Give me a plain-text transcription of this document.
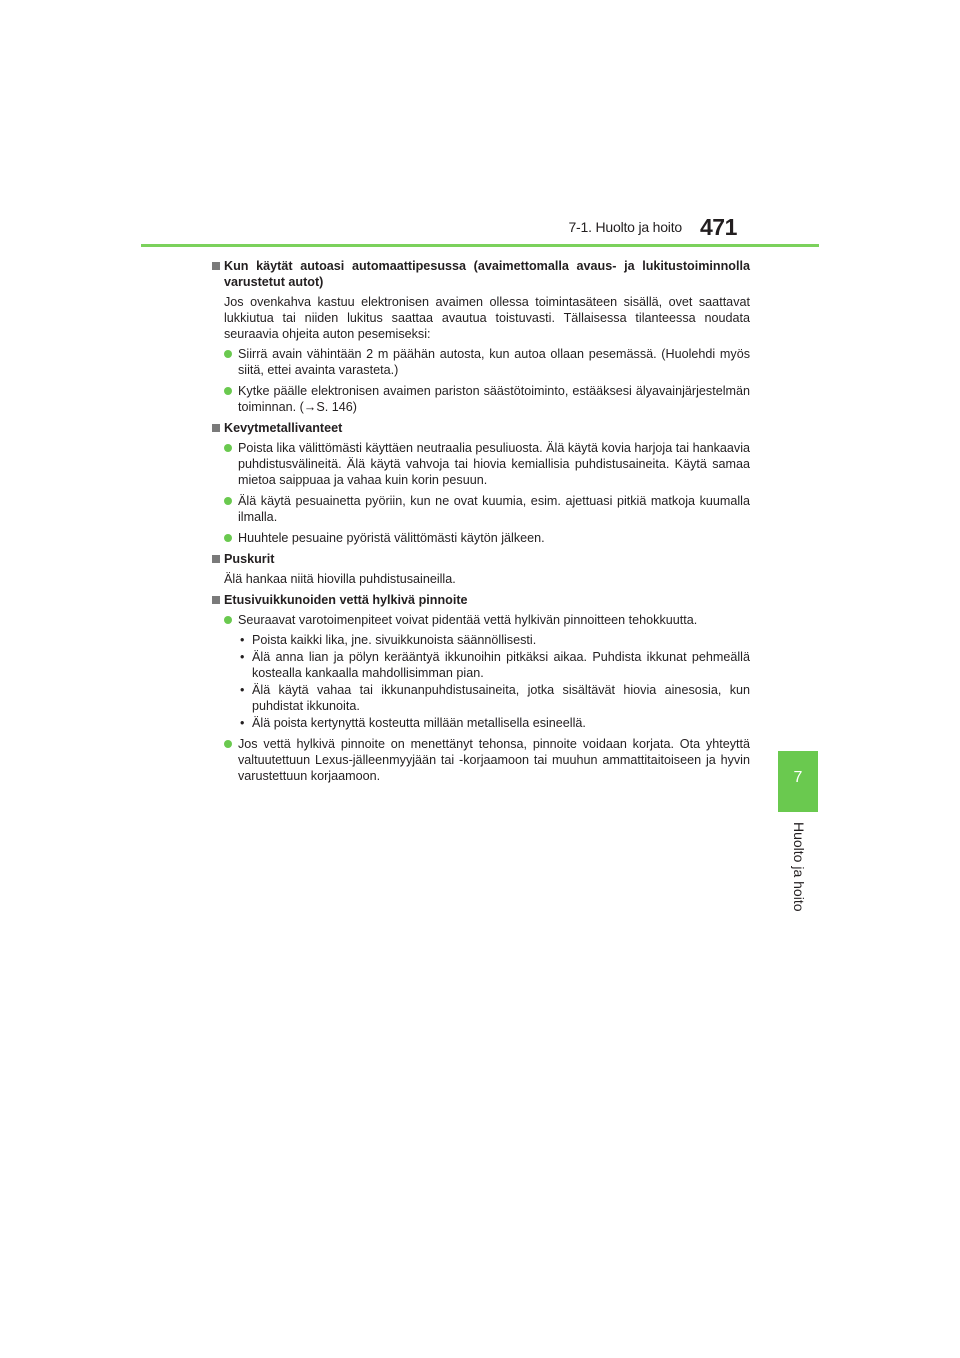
7-1. Huolto ja hoito 471
7
Huolto ja hoito
Kun käytät autoasi automaattipesussa (avaimettomalla avaus- ja lukitustoiminnolla varustetut autot)
Jos ovenkahva kastuu elektronisen avaimen ollessa toimintasäteen sisällä, ovet saattavat lukkiutua tai niiden lukitus saattaa avautua toistuvasti. Tällaisessa tilanteessa noudata seuraavia ohjeita auton pesemiseksi:
Siirrä avain vähintään 2 m päähän autosta, kun autoa ollaan pesemässä. (Huolehdi myös siitä, ettei avainta varasteta.)
Kytke päälle elektronisen avaimen pariston säästötoiminto, estääksesi älyavainjärjestelmän toiminnan. (→S. 146)
Kevytmetallivanteet
Poista lika välittömästi käyttäen neutraalia pesuliuosta. Älä käytä kovia harjoja tai hankaavia puhdistusvälineitä. Älä käytä vahvoja tai hiovia kemiallisia puhdistusaineita. Käytä samaa mietoa saippuaa ja vahaa kuin korin pesuun.
Älä käytä pesuainetta pyöriin, kun ne ovat kuumia, esim. ajettuasi pitkiä matkoja kuumalla ilmalla.
Huuhtele pesuaine pyöristä välittömästi käytön jälkeen.
Puskurit
Älä hankaa niitä hiovilla puhdistusaineilla.
Etusivuikkunoiden vettä hylkivä pinnoite
Seuraavat varotoimenpiteet voivat pidentää vettä hylkivän pinnoitteen tehokkuutta.
• Poista kaikki lika, jne. sivuikkunoista säännöllisesti.
• Älä anna lian ja pölyn kerääntyä ikkunoihin pitkäksi aikaa. Puhdista ikkunat pehmeällä kostealla kankaalla mahdollisimman pian.
• Älä käytä vahaa tai ikkunanpuhdistusaineita, jotka sisältävät hiovia ainesosia, kun puhdistat ikkunoita.
• Älä poista kertynyttä kosteutta millään metallisella esineellä.
Jos vettä hylkivä pinnoite on menettänyt tehonsa, pinnoite voidaan korjata. Ota yhteyttä valtuutettuun Lexus-jälleenmyyjään tai -korjaamoon tai muuhun ammattitaitoiseen ja hyvin varustettuun korjaamoon.
